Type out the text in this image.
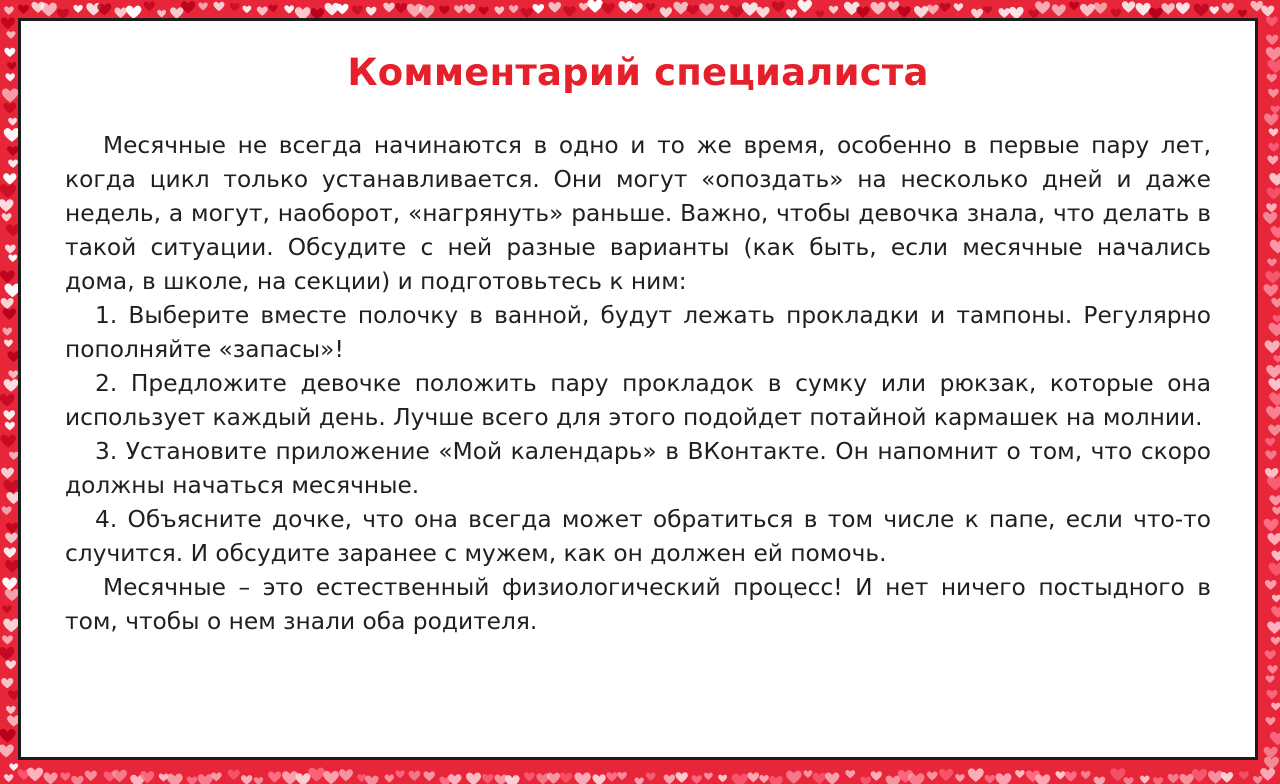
Комментарий специалиста

Месячные не всегда начинаются в одно и то же время, особенно в первые пару лет, когда цикл только устанавливается. Они могут «опоздать» на несколько дней и даже недель, а могут, наоборот, «нагрянуть» раньше. Важно, чтобы девочка знала, что делать в такой ситуации. Обсудите с ней разные варианты (как быть, если месячные начались дома, в школе, на секции) и подготовьтесь к ним:

1. Выберите вместе полочку в ванной, будут лежать прокладки и тампоны. Регулярно пополняйте «запасы»!

2. Предложите девочке положить пару прокладок в сумку или рюкзак, которые она использует каждый день. Лучше всего для этого подойдет потайной кармашек на молнии.

3. Установите приложение «Мой календарь» в ВКонтакте. Он напомнит о том, что скоро должны начаться месячные.

4. Объясните дочке, что она всегда может обратиться в том числе к папе, если что-то случится. И обсудите заранее с мужем, как он должен ей помочь.

Месячные – это естественный физиологический процесс! И нет ничего постыдного в том, чтобы о нем знали оба родителя.
